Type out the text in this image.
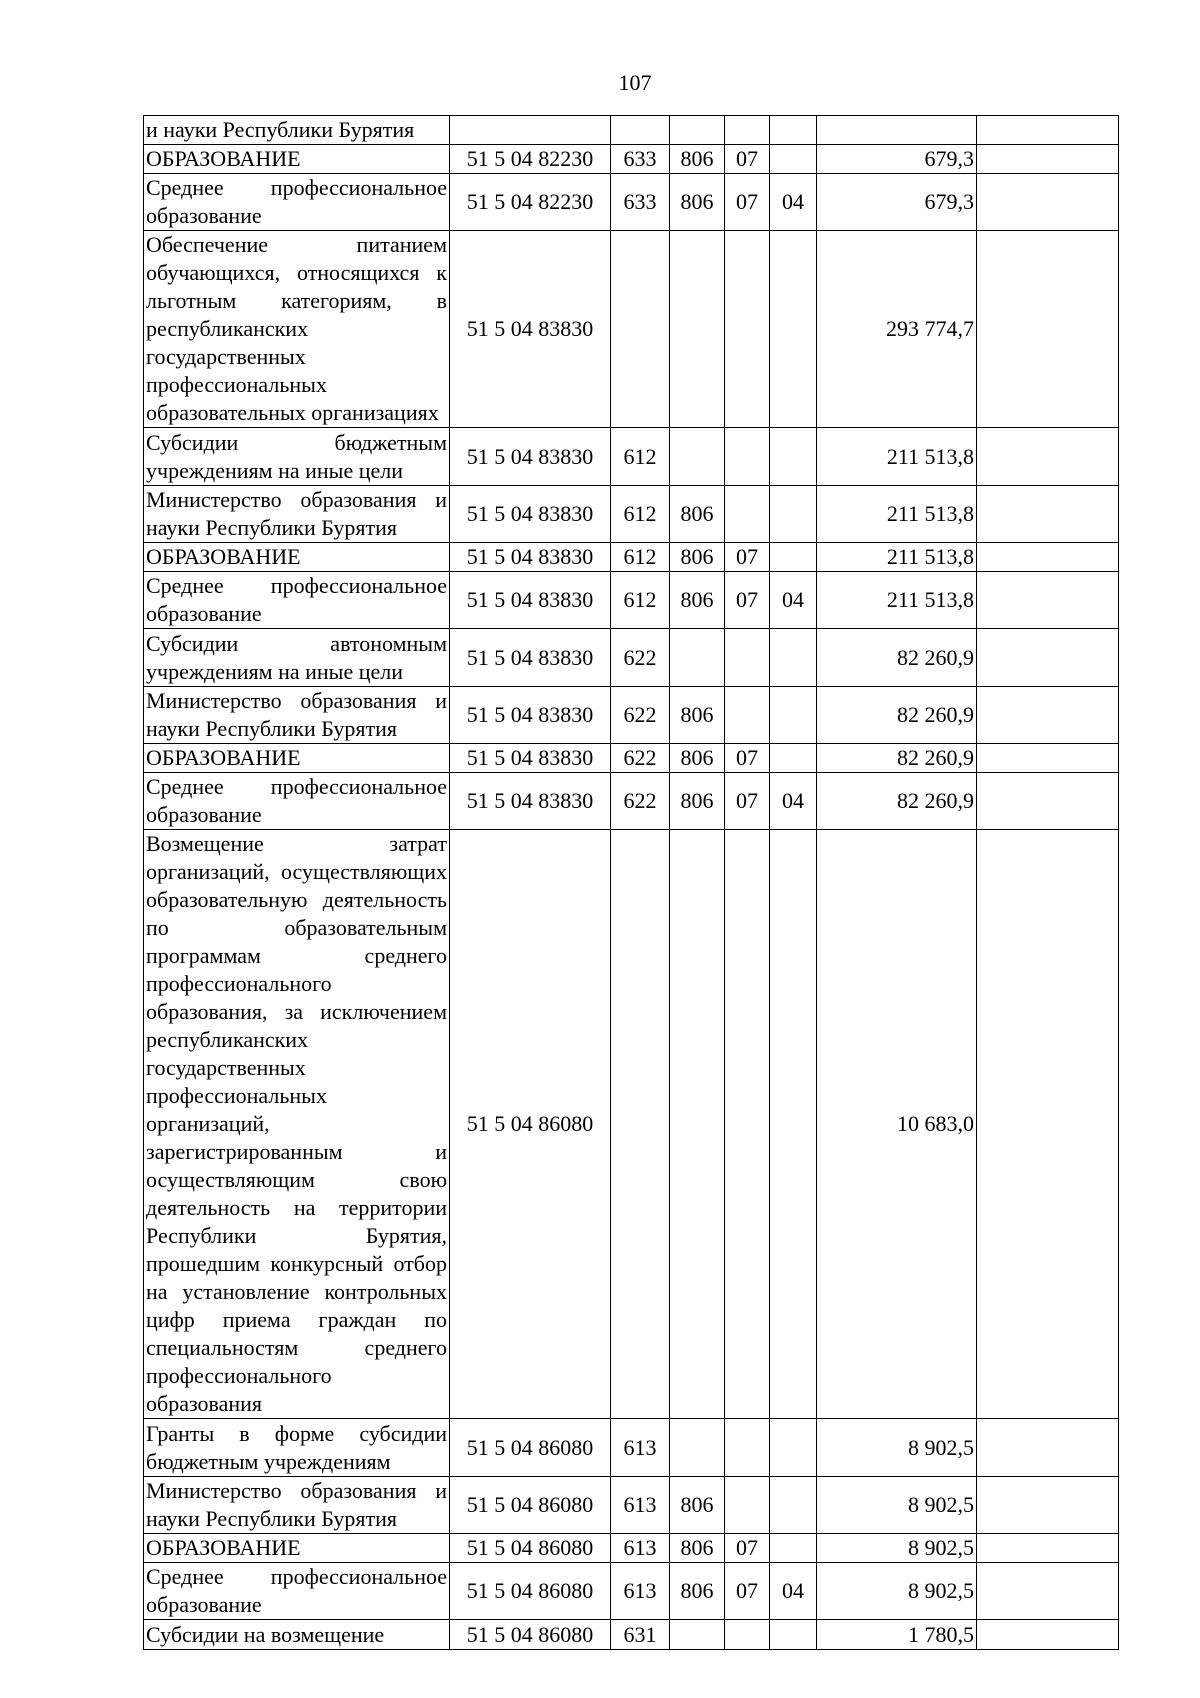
107
и науки Республики Бурятия							
ОБРАЗОВАНИЕ	51 5 04 82230	633	806	07		679,3	
Среднее профессиональное образование	51 5 04 82230	633	806	07	04	679,3	
Обеспечение питанием обучающихся, относящихся к льготным категориям, в республиканских государственных профессиональных образовательных организациях	51 5 04 83830					293 774,7	
Субсидии бюджетным учреждениям на иные цели	51 5 04 83830	612				211 513,8	
Министерство образования и науки Республики Бурятия	51 5 04 83830	612	806			211 513,8	
ОБРАЗОВАНИЕ	51 5 04 83830	612	806	07		211 513,8	
Среднее профессиональное образование	51 5 04 83830	612	806	07	04	211 513,8	
Субсидии автономным учреждениям на иные цели	51 5 04 83830	622				82 260,9	
Министерство образования и науки Республики Бурятия	51 5 04 83830	622	806			82 260,9	
ОБРАЗОВАНИЕ	51 5 04 83830	622	806	07		82 260,9	
Среднее профессиональное образование	51 5 04 83830	622	806	07	04	82 260,9	
Возмещение затрат организаций, осуществляющих образовательную деятельность по образовательным программам среднего профессионального образования, за исключением республиканских государственных профессиональных организаций, зарегистрированным и осуществляющим свою деятельность на территории Республики Бурятия, прошедшим конкурсный отбор на установление контрольных цифр приема граждан по специальностям среднего профессионального образования	51 5 04 86080					10 683,0	
Гранты в форме субсидии бюджетным учреждениям	51 5 04 86080	613				8 902,5	
Министерство образования и науки Республики Бурятия	51 5 04 86080	613	806			8 902,5	
ОБРАЗОВАНИЕ	51 5 04 86080	613	806	07		8 902,5	
Среднее профессиональное образование	51 5 04 86080	613	806	07	04	8 902,5	
Субсидии на возмещение	51 5 04 86080	631				1 780,5	
